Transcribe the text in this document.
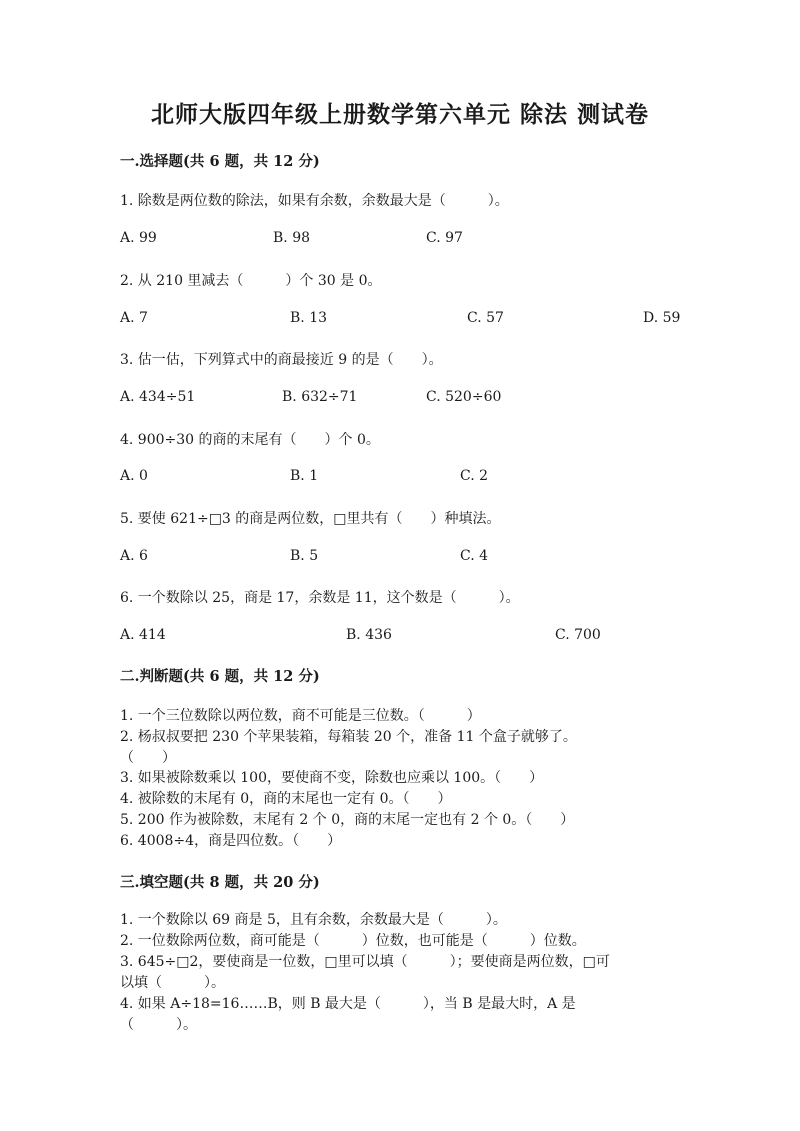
北师大版四年级上册数学第六单元 除法 测试卷
一.选择题(共 6 题，共 12 分)
1. 除数是两位数的除法，如果有余数，余数最大是（　　　）。
A. 99	B. 98	C. 97
2. 从 210 里减去（　　　）个 30 是 0。
A. 7	B. 13	C. 57	D. 59
3. 估一估，下列算式中的商最接近 9 的是（　　）。
A. 434÷51	B. 632÷71	C. 520÷60
4. 900÷30 的商的末尾有（　　）个 0。
A. 0	B. 1	C. 2
5. 要使 621÷□3 的商是两位数，□里共有（　　）种填法。
A. 6	B. 5	C. 4
6. 一个数除以 25，商是 17，余数是 11，这个数是（　　　）。
A. 414	B. 436	C. 700
二.判断题(共 6 题，共 12 分)
1. 一个三位数除以两位数，商不可能是三位数。（　　　）
2. 杨叔叔要把 230 个苹果装箱，每箱装 20 个，准备 11 个盒子就够了。
（　　）
3. 如果被除数乘以 100，要使商不变，除数也应乘以 100。（　　）
4. 被除数的末尾有 0，商的末尾也一定有 0。（　　）
5. 200 作为被除数，末尾有 2 个 0，商的末尾一定也有 2 个 0。（　　）
6. 4008÷4，商是四位数。（　　）
三.填空题(共 8 题，共 20 分)
1. 一个数除以 69 商是 5，且有余数，余数最大是（　　　）。
2. 一位数除两位数，商可能是（　　　）位数，也可能是（　　　）位数。
3. 645÷□2，要使商是一位数，□里可以填（　　　）；要使商是两位数，□可
以填（　　　）。
4. 如果 A÷18=16……B，则 B 最大是（　　　），当 B 是最大时，A 是
（　　　）。
